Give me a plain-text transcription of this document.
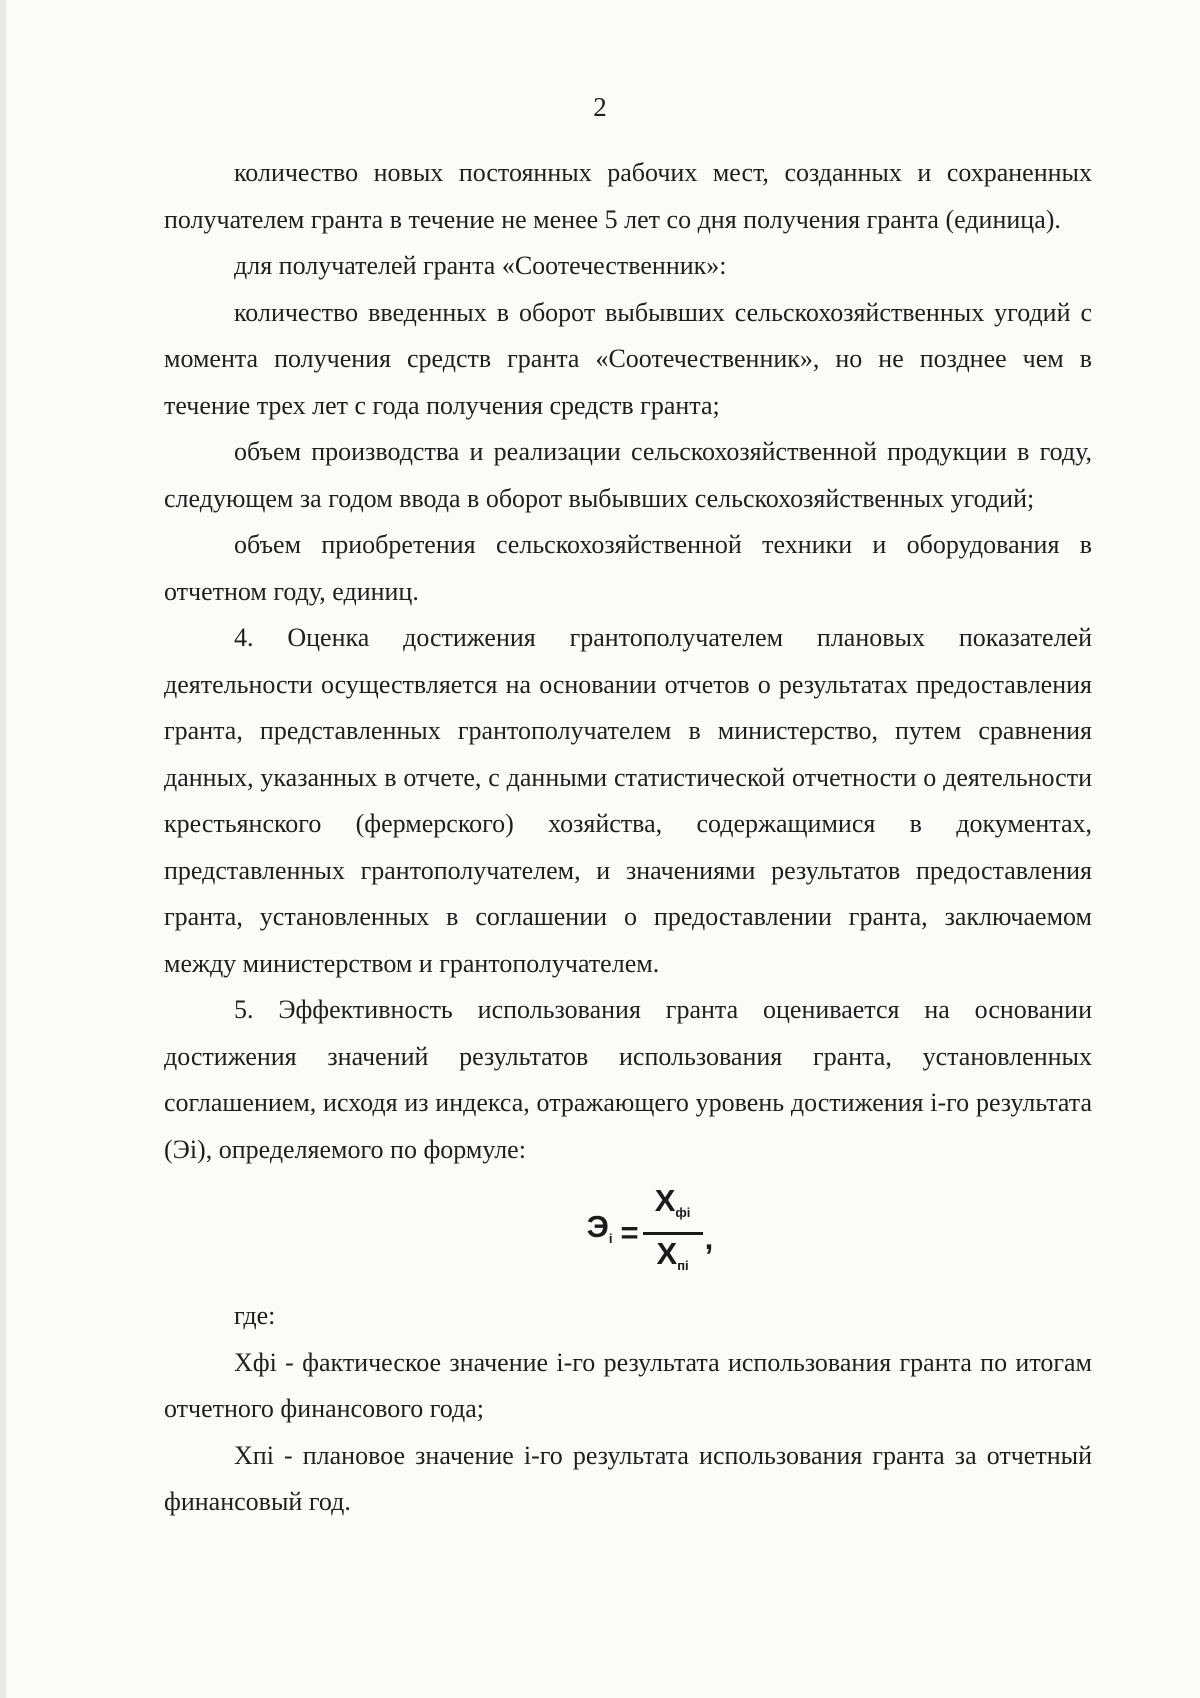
2

количество новых постоянных рабочих мест, созданных и сохраненных получателем гранта в течение не менее 5 лет со дня получения гранта (единица).

для получателей гранта «Соотечественник»:

количество введенных в оборот выбывших сельскохозяйственных угодий с момента получения средств гранта «Соотечественник», но не позднее чем в течение трех лет с года получения средств гранта;

объем производства и реализации сельскохозяйственной продукции в году, следующем за годом ввода в оборот выбывших сельскохозяйственных угодий;

объем приобретения сельскохозяйственной техники и оборудования в отчетном году, единиц.

4. Оценка достижения грантополучателем плановых показателей деятельности осуществляется на основании отчетов о результатах предоставления гранта, представленных грантополучателем в министерство, путем сравнения данных, указанных в отчете, с данными статистической отчетности о деятельности крестьянского (фермерского) хозяйства, содержащимися в документах, представленных грантополучателем, и значениями результатов предоставления гранта, установленных в соглашении о предоставлении гранта, заключаемом между министерством и грантополучателем.

5. Эффективность использования гранта оценивается на основании достижения значений результатов использования гранта, установленных соглашением, исходя из индекса, отражающего уровень достижения i-го результата (Эi), определяемого по формуле:

$Э_i = \frac{Х_{фi}}{Х_{пi}}$ ,

где:

Хфi - фактическое значение i-го результата использования гранта по итогам отчетного финансового года;

Хпi - плановое значение i-го результата использования гранта за отчетный финансовый год.
